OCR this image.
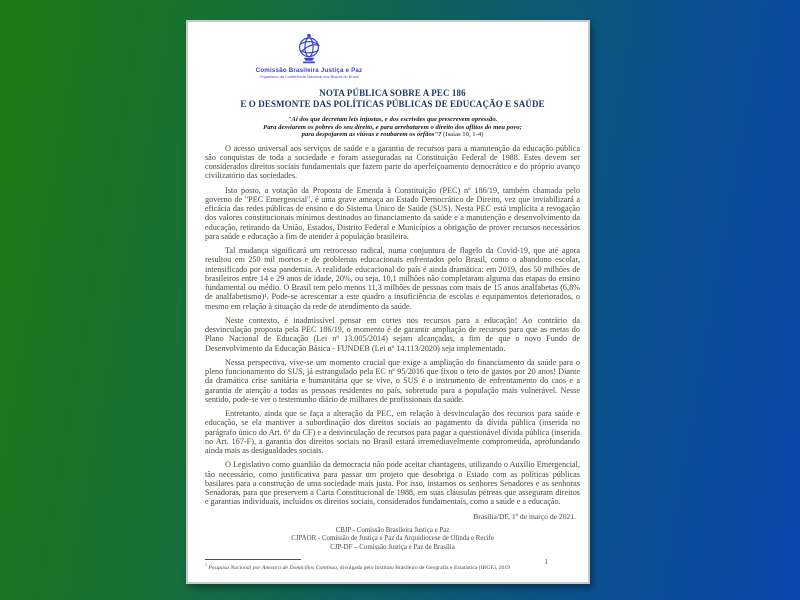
Comissão Brasileira Justiça e Paz
Organismo da Conferência Nacional dos Bispos do Brasil
NOTA PÚBLICA SOBRE A PEC 186
E O DESMONTE DAS POLÍTICAS PÚBLICAS DE EDUCAÇÃO E SAÚDE
"Ai dos que decretam leis injustas, e dos escrivães que prescrevem opressão.
Para desviarem os pobres do seu direito, e para arrebatarem o direito dos aflitos do meu povo;
para despojarem as viúvas e roubarem os órfãos"? (Isaías 10, 1-4)

O acesso universal aos serviços de saúde e a garantia de recursos para a manutenção da educação pública são conquistas de toda a sociedade e foram asseguradas na Constituição Federal de 1988. Estes devem ser considerados direitos sociais fundamentais que fazem parte do aperfeiçoamento democrático e do próprio avanço civilizatório das sociedades.

Isto posto, a votação da Proposta de Emenda à Constituição (PEC) nº 186/19, também chamada pelo governo de "PEC Emergencial", é uma grave ameaça ao Estado Democrático de Direito, vez que inviabilizará a eficácia das redes públicas de ensino e do Sistema Único de Saúde (SUS). Nesta PEC está implícita a revogação dos valores constitucionais mínimos destinados ao financiamento da saúde e a manutenção e desenvolvimento da educação, retirando da União, Estados, Distrito Federal e Municípios a obrigação de prover recursos necessários para saúde e educação a fim de atender à população brasileira.

Tal mudança significará um retrocesso radical, numa conjuntura de flagelo da Covid-19, que até agora resultou em 250 mil mortos e de problemas educacionais enfrentados pelo Brasil, como o abandono escolar, intensificado por essa pandemia. A realidade educacional do país é ainda dramática: em 2019, dos 50 milhões de brasileiros entre 14 e 29 anos de idade, 20%, ou seja, 10,1 milhões não completaram alguma das etapas do ensino fundamental ou médio. O Brasil tem pelo menos 11,3 milhões de pessoas com mais de 15 anos analfabetas (6,8% de analfabetismo)¹. Pode-se acrescentar a este quadro a insuficiência de escolas e equipamentos deteriorados, o mesmo em relação à situação da rede de atendimento da saúde.

Neste contexto, é inadmissível pensar em cortes nos recursos para a educação! Ao contrário da desvinculação proposta pela PEC 186/19, o momento é de garantir ampliação de recursos para que as metas do Plano Nacional de Educação (Lei nº 13.005/2014) sejam alcançadas, a fim de que o novo Fundo de Desenvolvimento da Educação Básica - FUNDEB (Lei nº 14.113/2020) seja implementado.

Nessa perspectiva, vive-se um momento crucial que exige a ampliação do financiamento da saúde para o pleno funcionamento do SUS, já estrangulado pela EC nº 95/2016 que fixou o teto de gastos por 20 anos! Diante da dramática crise sanitária e humanitária que se vive, o SUS é o instrumento de enfrentamento do caos e a garantia de atenção a todas as pessoas residentes no país, sobretudo para a população mais vulnerável. Nesse sentido, pode-se ver o testemunho diário de milhares de profissionais da saúde.

Entretanto, ainda que se faça a alteração da PEC, em relação à desvinculação dos recursos para saúde e educação, se ela mantiver a subordinação dos direitos sociais ao pagamento da dívida pública (inserida no parágrafo único do Art. 6º da CF) e a desvinculação de recursos para pagar a questionável dívida pública (inserida no Art. 167-F), a garantia dos direitos sociais no Brasil estará irremediavelmente comprometida, aprofundando ainda mais as desigualdades sociais.

O Legislativo como guardião da democracia não pode aceitar chantagens, utilizando o Auxílio Emergencial, tão necessário, como justificativa para passar um projeto que desobriga o Estado com as políticas públicas basilares para a construção de uma sociedade mais justa. Por isso, instamos os senhores Senadores e as senhoras Senadoras, para que preservem a Carta Constitucional de 1988, em suas cláusulas pétreas que asseguram direitos e garantias individuais, incluídos os direitos sociais, considerados fundamentais, como a saúde e a educação.

Brasília/DF, 1º de março de 2021.
CBJP - Comissão Brasileira Justiça e Paz
CJPAOR - Comissão de Justiça e Paz da Arquidiocese de Olinda e Recife
CJP-DF – Comissão Justiça e Paz de Brasília
$^1$ Pesquisa Nacional por Amostra de Domicílios Contínua, divulgada pelo Instituto Brasileiro de Geografia e Estatística (IBGE), 2019
1
